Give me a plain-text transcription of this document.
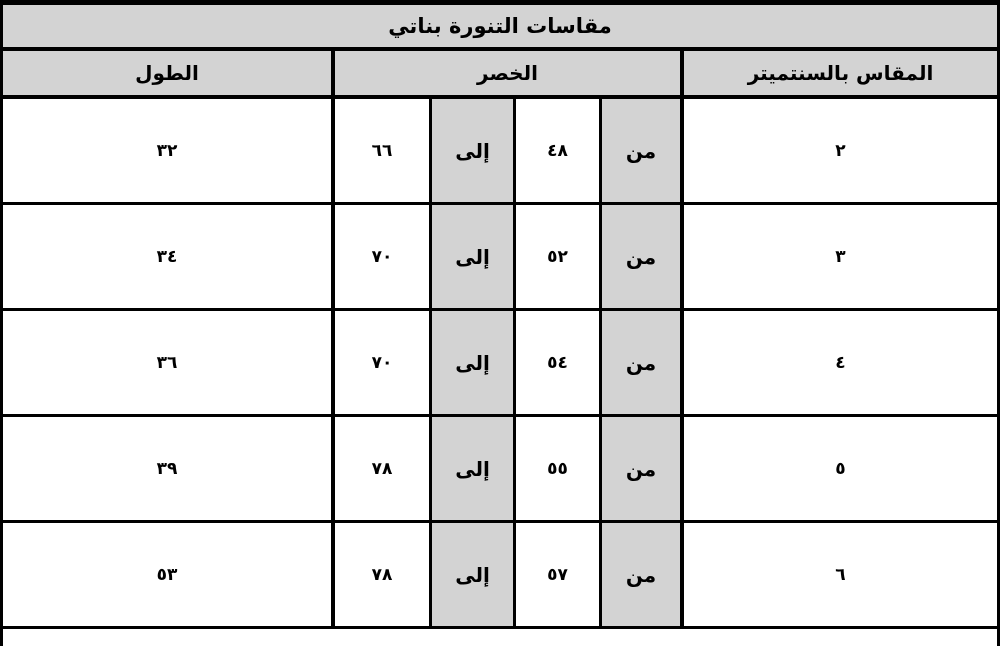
مقاسات التنورة بناتي
الطول	الخصر	المقاس بالسنتميتر
٣٢	٦٦	إلى	٤٨	من	٢
٣٤	٧٠	إلى	٥٢	من	٣
٣٦	٧٠	إلى	٥٤	من	٤
٣٩	٧٨	إلى	٥٥	من	٥
٥٣	٧٨	إلى	٥٧	من	٦
